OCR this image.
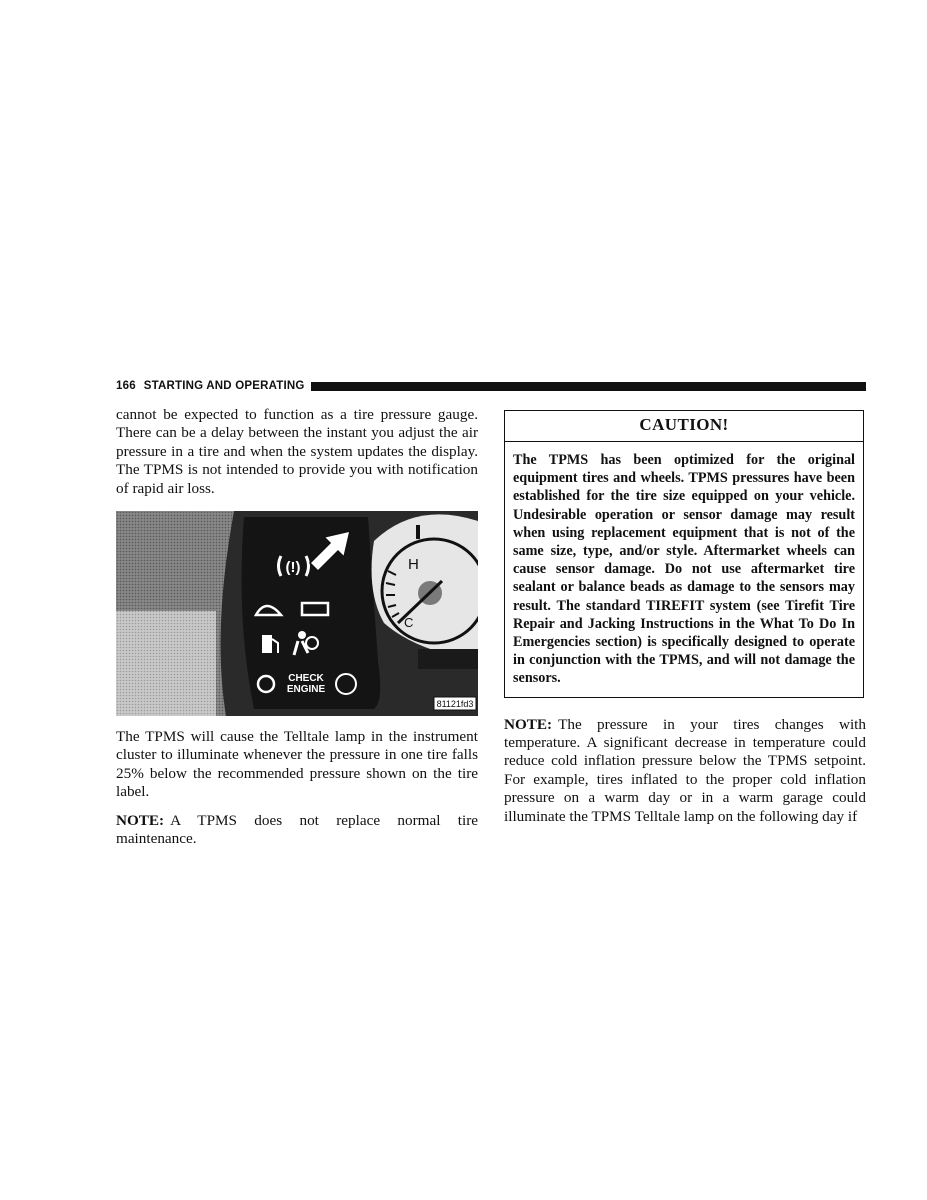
166 STARTING AND OPERATING

cannot be expected to function as a tire pressure gauge. There can be a delay between the instant you adjust the air pressure in a tire and when the system updates the display. The TPMS is not intended to provide you with notification of rapid air loss.

(!)
CHECK
ENGINE
H
C
81121fd3

The TPMS will cause the Telltale lamp in the instrument cluster to illuminate whenever the pressure in one tire falls 25% below the recommended pressure shown on the tire label.

NOTE: A TPMS does not replace normal tire maintenance.

CAUTION!
The TPMS has been optimized for the original equipment tires and wheels. TPMS pressures have been established for the tire size equipped on your vehicle. Undesirable operation or sensor damage may result when using replacement equipment that is not of the same size, type, and/or style. Aftermarket wheels can cause sensor damage. Do not use aftermarket tire sealant or balance beads as damage to the sensors may result. The standard TIREFIT system (see Tirefit Tire Repair and Jacking Instructions in the What To Do In Emergencies section) is specifically designed to operate in conjunction with the TPMS, and will not damage the sensors.

NOTE: The pressure in your tires changes with temperature. A significant decrease in temperature could reduce cold inflation pressure below the TPMS setpoint. For example, tires inflated to the proper cold inflation pressure on a warm day or in a warm garage could illuminate the TPMS Telltale lamp on the following day if
